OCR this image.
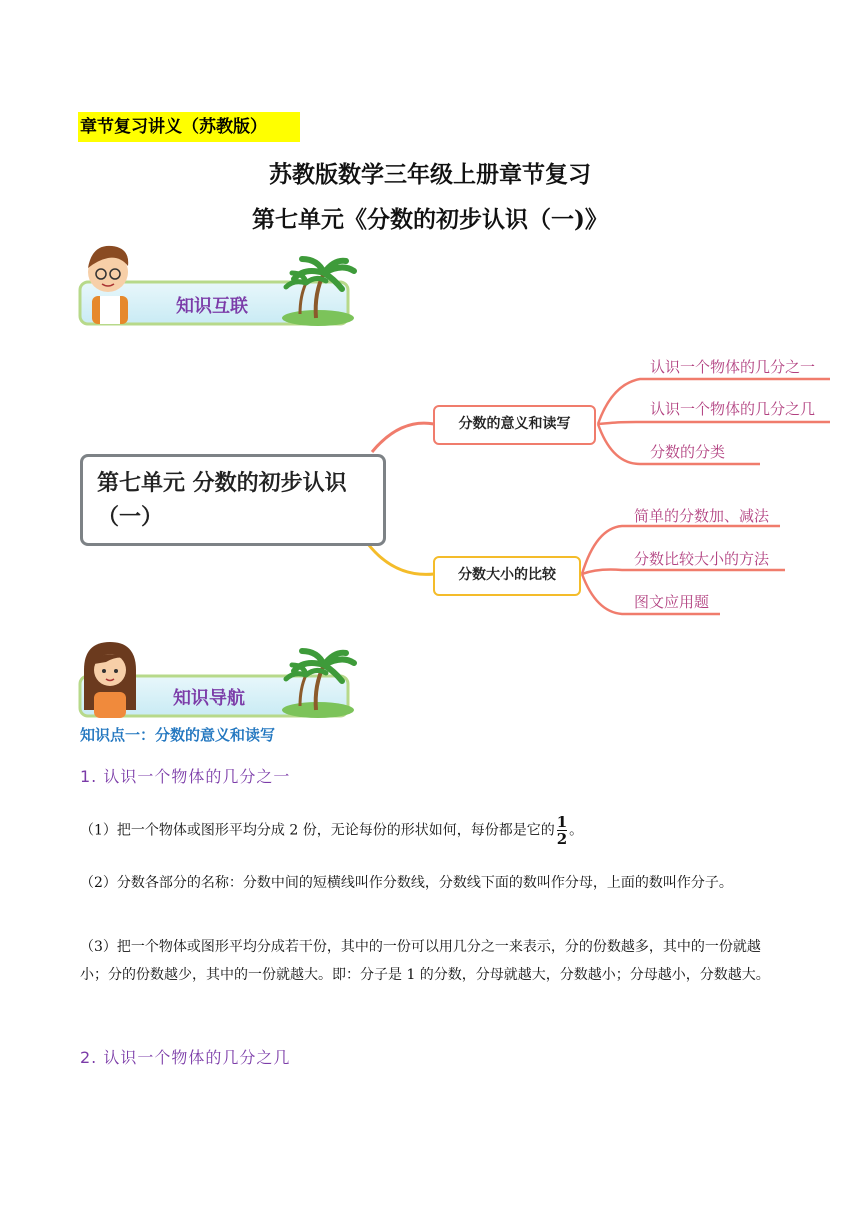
章节复习讲义（苏教版）
苏教版数学三年级上册章节复习
第七单元《分数的初步认识（一)》
知识互联
第七单元 分数的初步认识（一）
分数的意义和读写
分数大小的比较
认识一个物体的几分之一
认识一个物体的几分之几
分数的分类
简单的分数加、减法
分数比较大小的方法
图文应用题
知识导航
知识点一：分数的意义和读写
1. 认识一个物体的几分之一
（1）把一个物体或图形平均分成 2 份，无论每份的形状如何，每份都是它的 $\frac{1}{2}$ 。
（2）分数各部分的名称：分数中间的短横线叫作分数线，分数线下面的数叫作分母，上面的数叫作分子。
（3）把一个物体或图形平均分成若干份，其中的一份可以用几分之一来表示，分的份数越多，其中的一份就越小；分的份数越少，其中的一份就越大。即：分子是 1 的分数，分母就越大，分数越小；分母越小，分数越大。
2. 认识一个物体的几分之几
